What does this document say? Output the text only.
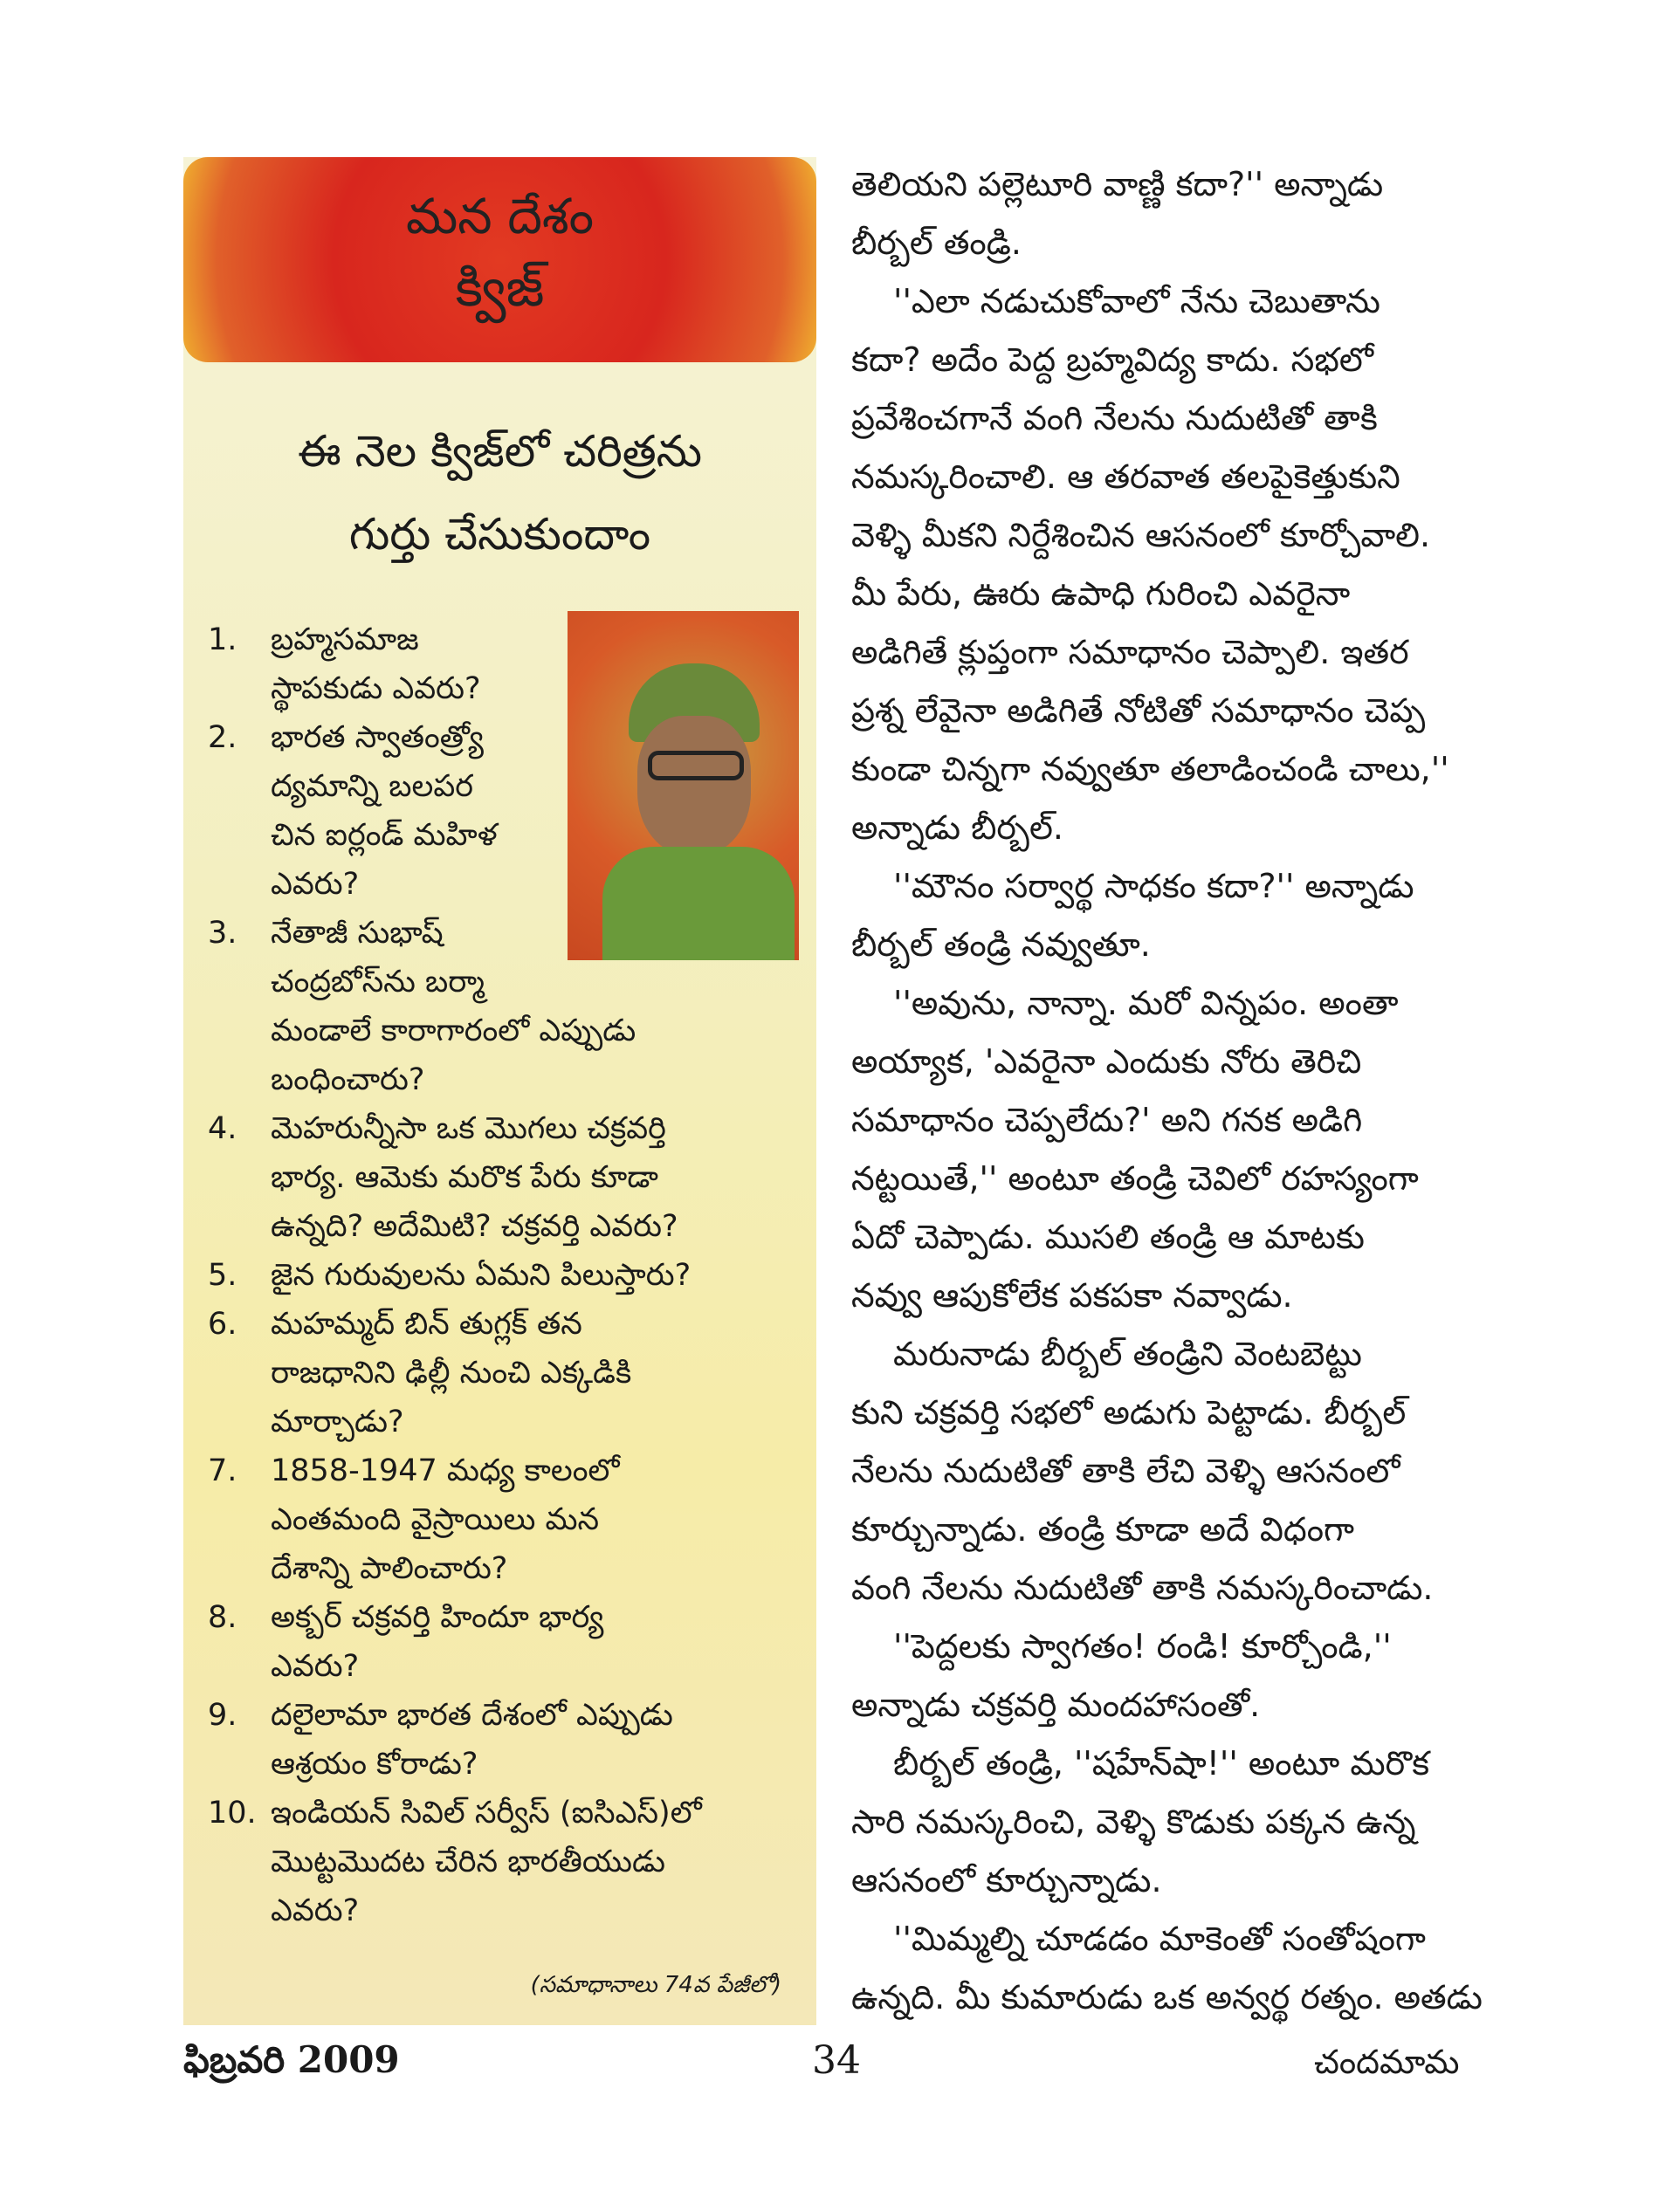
మన దేశం
క్విజ్
ఈ నెల క్విజ్‌లో చరిత్రను
గుర్తు చేసుకుందాం
1.	బ్రహ్మసమాజ
స్థాపకుడు ఎవరు?
2.	భారత స్వాతంత్ర్యో
ద్యమాన్ని బలపర
చిన ఐర్లండ్ మహిళ
ఎవరు?
3.	నేతాజీ సుభాష్
చంద్రబోస్‌ను బర్మా
మండాలే కారాగారంలో ఎప్పుడు
బంధించారు?
4.	మెహరున్నీసా ఒక మొగలు చక్రవర్తి
భార్య. ఆమెకు మరొక పేరు కూడా
ఉన్నది? అదేమిటి? చక్రవర్తి ఎవరు?
5.	జైన గురువులను ఏమని పిలుస్తారు?
6.	మహమ్మద్ బిన్ తుగ్లక్ తన
రాజధానిని ఢిల్లీ నుంచి ఎక్కడికి
మార్చాడు?
7.	1858-1947 మధ్య కాలంలో
ఎంతమంది వైస్రాయిలు మన
దేశాన్ని పాలించారు?
8.	అక్బర్ చక్రవర్తి హిందూ భార్య
ఎవరు?
9.	దలైలామా భారత దేశంలో ఎప్పుడు
ఆశ్రయం కోరాడు?
10. ఇండియన్ సివిల్ సర్వీస్ (ఐసిఎస్)లో
మొట్టమొదట చేరిన భారతీయుడు
ఎవరు?
(సమాధానాలు 74వ పేజీలో)
తెలియని పల్లెటూరి వాణ్ణి కదా?'' అన్నాడు
బీర్బల్ తండ్రి.
''ఎలా నడుచుకోవాలో నేను చెబుతాను
కదా? అదేం పెద్ద బ్రహ్మవిద్య కాదు. సభలో
ప్రవేశించగానే వంగి నేలను నుదుటితో తాకి
నమస్కరించాలి. ఆ తరవాత తలపైకెత్తుకుని
వెళ్ళి మీకని నిర్దేశించిన ఆసనంలో కూర్చోవాలి.
మీ పేరు, ఊరు ఉపాధి గురించి ఎవరైనా
అడిగితే క్లుప్తంగా సమాధానం చెప్పాలి. ఇతర
ప్రశ్న లేవైనా అడిగితే నోటితో సమాధానం చెప్ప
కుండా చిన్నగా నవ్వుతూ తలాడించండి చాలు,''
అన్నాడు బీర్బల్.
''మౌనం సర్వార్థ సాధకం కదా?'' అన్నాడు
బీర్బల్ తండ్రి నవ్వుతూ.
''అవును, నాన్నా. మరో విన్నపం. అంతా
అయ్యాక, 'ఎవరైనా ఎందుకు నోరు తెరిచి
సమాధానం చెప్పలేదు?' అని గనక అడిగి
నట్టయితే,'' అంటూ తండ్రి చెవిలో రహస్యంగా
ఏదో చెప్పాడు. ముసలి తండ్రి ఆ మాటకు
నవ్వు ఆపుకోలేక పకపకా నవ్వాడు.
మరునాడు బీర్బల్ తండ్రిని వెంటబెట్టు
కుని చక్రవర్తి సభలో అడుగు పెట్టాడు. బీర్బల్
నేలను నుదుటితో తాకి లేచి వెళ్ళి ఆసనంలో
కూర్చున్నాడు. తండ్రి కూడా అదే విధంగా
వంగి నేలను నుదుటితో తాకి నమస్కరించాడు.
''పెద్దలకు స్వాగతం! రండి! కూర్చోండి,''
అన్నాడు చక్రవర్తి మందహాసంతో.
బీర్బల్ తండ్రి, ''షహేన్‌షా!'' అంటూ మరొక
సారి నమస్కరించి, వెళ్ళి కొడుకు పక్కన ఉన్న
ఆసనంలో కూర్చున్నాడు.
''మిమ్మల్ని చూడడం మాకెంతో సంతోషంగా
ఉన్నది. మీ కుమారుడు ఒక అన్వర్థ రత్నం. అతడు
ఫిబ్రవరి 2009	34	చందమామ
